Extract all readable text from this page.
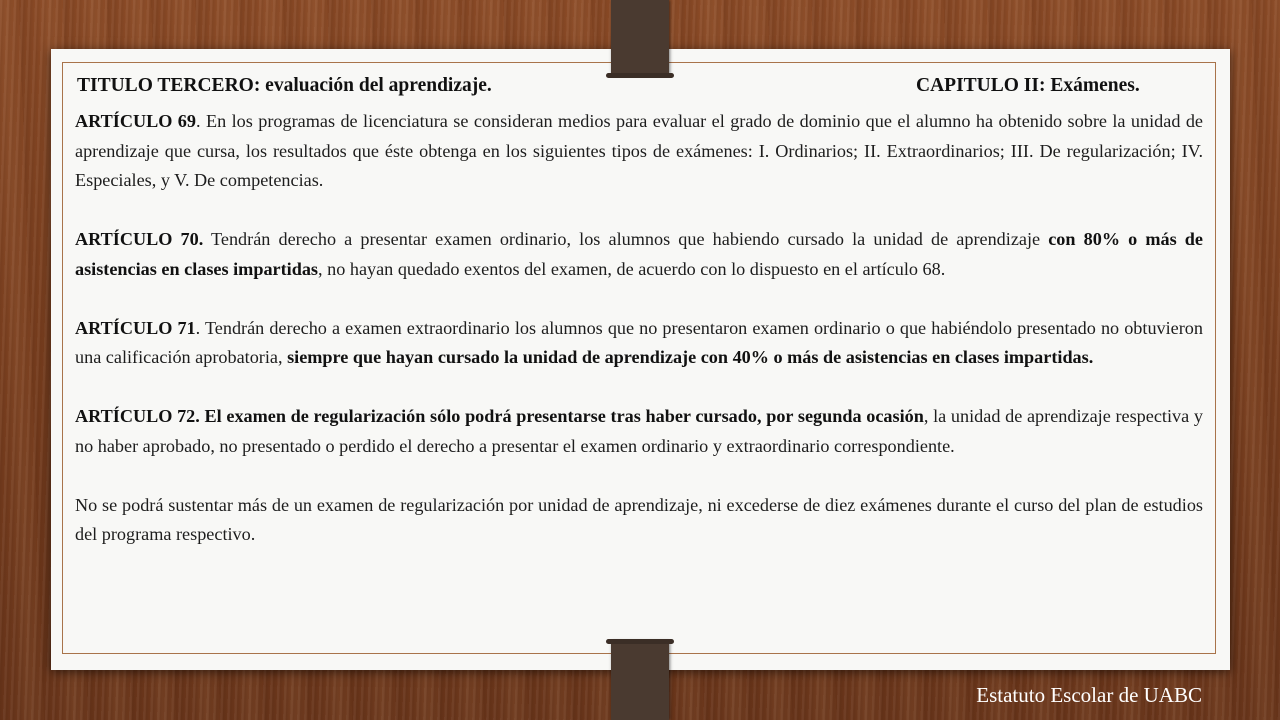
TITULO TERCERO: evaluación del aprendizaje.	CAPITULO II: Exámenes.

ARTÍCULO 69. En los programas de licenciatura se consideran medios para evaluar el grado de dominio que el alumno ha obtenido sobre la unidad de aprendizaje que cursa, los resultados que éste obtenga en los siguientes tipos de exámenes: I. Ordinarios; II. Extraordinarios; III. De regularización; IV. Especiales, y V. De competencias.

ARTÍCULO 70. Tendrán derecho a presentar examen ordinario, los alumnos que habiendo cursado la unidad de aprendizaje con 80% o más de asistencias en clases impartidas, no hayan quedado exentos del examen, de acuerdo con lo dispuesto en el artículo 68.

ARTÍCULO 71. Tendrán derecho a examen extraordinario los alumnos que no presentaron examen ordinario o que habiéndolo presentado no obtuvieron una calificación aprobatoria, siempre que hayan cursado la unidad de aprendizaje con 40% o más de asistencias en clases impartidas.

ARTÍCULO 72. El examen de regularización sólo podrá presentarse tras haber cursado, por segunda ocasión, la unidad de aprendizaje respectiva y no haber aprobado, no presentado o perdido el derecho a presentar el examen ordinario y extraordinario correspondiente.

No se podrá sustentar más de un examen de regularización por unidad de aprendizaje, ni excederse de diez exámenes durante el curso del plan de estudios del programa respectivo.

Estatuto Escolar de UABC
